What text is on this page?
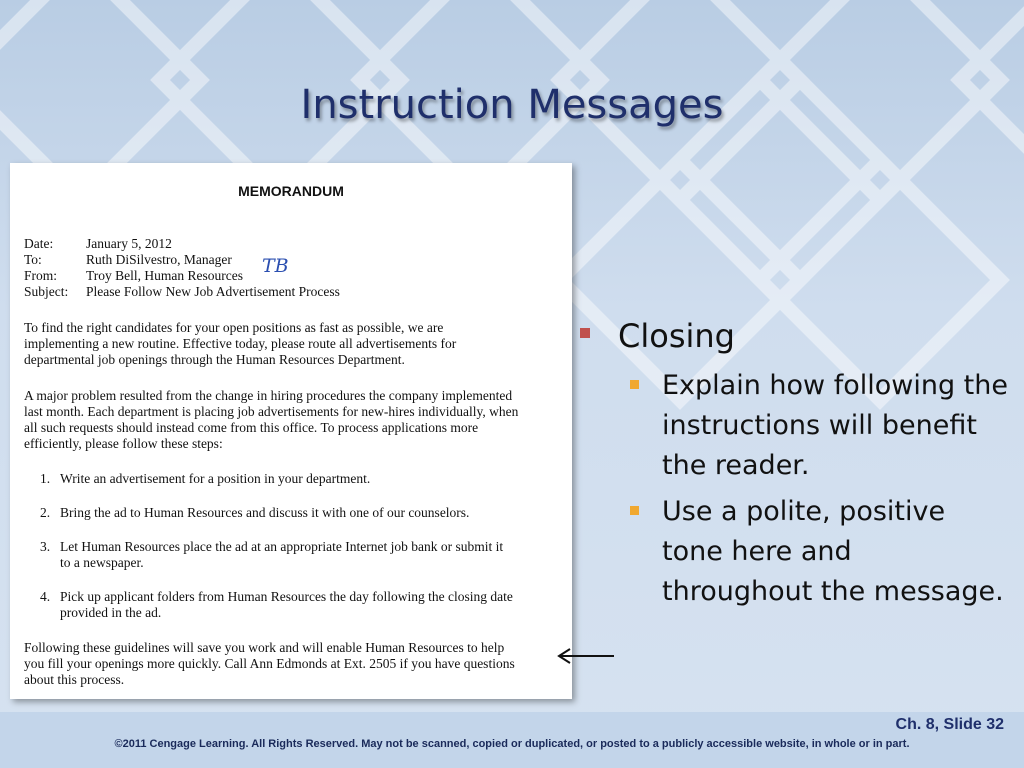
Instruction Messages
MEMORANDUM
Date:	January 5, 2012
To:	Ruth DiSilvestro, Manager
From:	Troy Bell, Human Resources
Subject:	Please Follow New Job Advertisement Process
TB
To find the right candidates for your open positions as fast as possible, we are
implementing a new routine. Effective today, please route all advertisements for
departmental job openings through the Human Resources Department.
A major problem resulted from the change in hiring procedures the company implemented
last month. Each department is placing job advertisements for new-hires individually, when
all such requests should instead come from this office. To process applications more
efficiently, please follow these steps:
1. Write an advertisement for a position in your department.
2. Bring the ad to Human Resources and discuss it with one of our counselors.
3. Let Human Resources place the ad at an appropriate Internet job bank or submit it
to a newspaper.
4. Pick up applicant folders from Human Resources the day following the closing date
provided in the ad.
Following these guidelines will save you work and will enable Human Resources to help
you fill your openings more quickly. Call Ann Edmonds at Ext. 2505 if you have questions
about this process.
Closing
Explain how following the instructions will benefit the reader.
Use a polite, positive tone here and throughout the message.
Ch. 8, Slide 32
©2011 Cengage Learning. All Rights Reserved. May not be scanned, copied or duplicated, or posted to a publicly accessible website, in whole or in part.
